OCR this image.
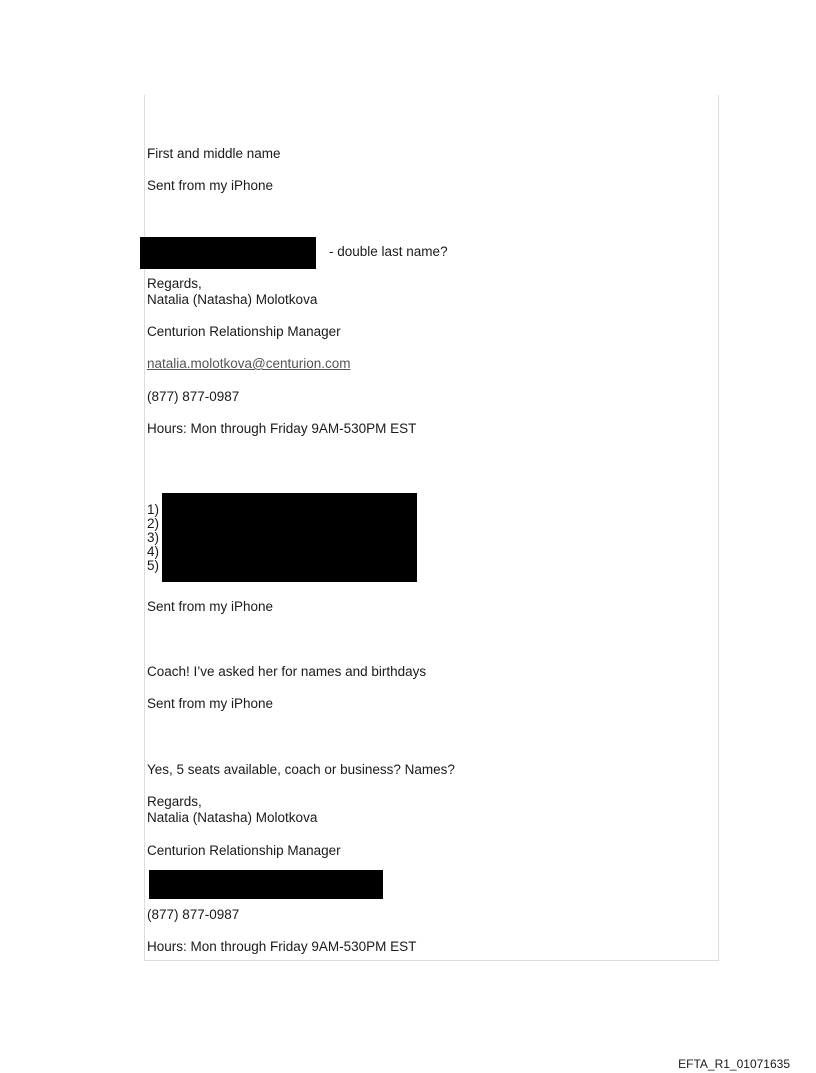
First and middle name
Sent from my iPhone
- double last name?
Regards,
Natalia (Natasha) Molotkova
Centurion Relationship Manager
natalia.molotkova@centurion.com
(877) 877-0987
Hours: Mon through Friday 9AM-530PM EST
1)
2)
3)
4)
5)
Sent from my iPhone
Coach! I’ve asked her for names and birthdays
Sent from my iPhone
Yes, 5 seats available, coach or business? Names?
Regards,
Natalia (Natasha) Molotkova
Centurion Relationship Manager
(877) 877-0987
Hours: Mon through Friday 9AM-530PM EST
EFTA_R1_01071635
